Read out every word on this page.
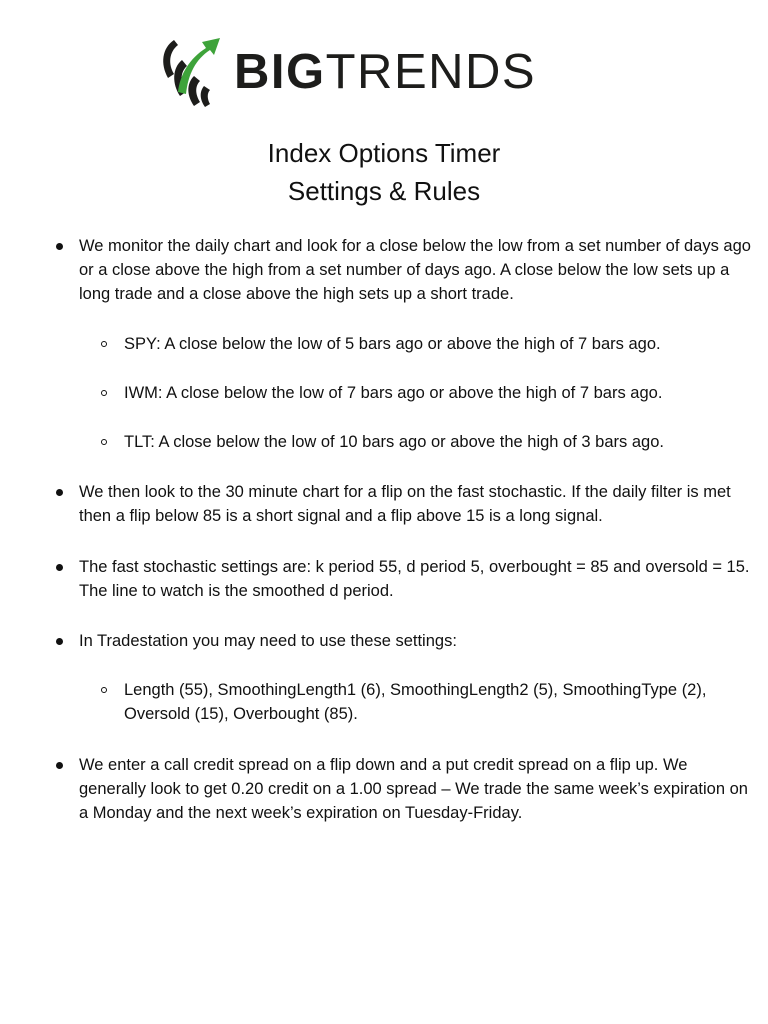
BIGTRENDS
Index Options Timer
Settings & Rules
We monitor the daily chart and look for a close below the low from a set number of days ago or a close above the high from a set number of days ago. A close below the low sets up a long trade and a close above the high sets up a short trade.
SPY: A close below the low of 5 bars ago or above the high of 7 bars ago.
IWM: A close below the low of 7 bars ago or above the high of 7 bars ago.
TLT: A close below the low of 10 bars ago or above the high of 3 bars ago.
We then look to the 30 minute chart for a flip on the fast stochastic. If the daily filter is met then a flip below 85 is a short signal and a flip above 15 is a long signal.
The fast stochastic settings are: k period 55, d period 5, overbought = 85 and oversold = 15. The line to watch is the smoothed d period.
In Tradestation you may need to use these settings:
Length (55), SmoothingLength1 (6), SmoothingLength2 (5), SmoothingType (2), Oversold (15), Overbought (85).
We enter a call credit spread on a flip down and a put credit spread on a flip up. We generally look to get 0.20 credit on a 1.00 spread – We trade the same week’s expiration on a Monday and the next week’s expiration on Tuesday-Friday.
